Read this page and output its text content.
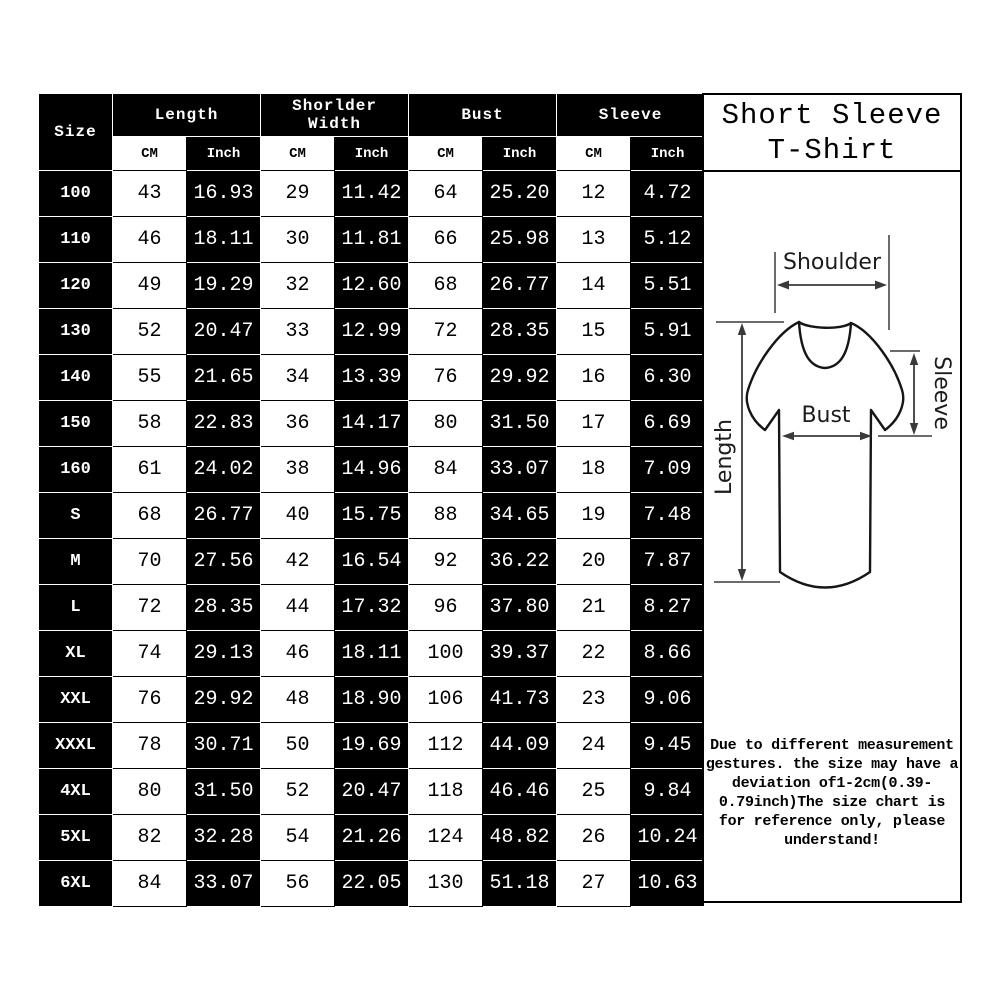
Size	Length		Shorlder Width		Bust		Sleeve	
	CM	Inch	CM	Inch	CM	Inch	CM	Inch
100	43	16.93	29	11.42	64	25.20	12	4.72
110	46	18.11	30	11.81	66	25.98	13	5.12
120	49	19.29	32	12.60	68	26.77	14	5.51
130	52	20.47	33	12.99	72	28.35	15	5.91
140	55	21.65	34	13.39	76	29.92	16	6.30
150	58	22.83	36	14.17	80	31.50	17	6.69
160	61	24.02	38	14.96	84	33.07	18	7.09
S	68	26.77	40	15.75	88	34.65	19	7.48
M	70	27.56	42	16.54	92	36.22	20	7.87
L	72	28.35	44	17.32	96	37.80	21	8.27
XL	74	29.13	46	18.11	100	39.37	22	8.66
XXL	76	29.92	48	18.90	106	41.73	23	9.06
XXXL	78	30.71	50	19.69	112	44.09	24	9.45
4XL	80	31.50	52	20.47	118	46.46	25	9.84
5XL	82	32.28	54	21.26	124	48.82	26	10.24
6XL	84	33.07	56	22.05	130	51.18	27	10.63
Short Sleeve
T-Shirt
Shoulder
Bust
Length
Sleeve
Due to different measurement
gestures. the size may have a
deviation of1-2cm(0.39-
0.79inch)The size chart is
for reference only, please
understand!
